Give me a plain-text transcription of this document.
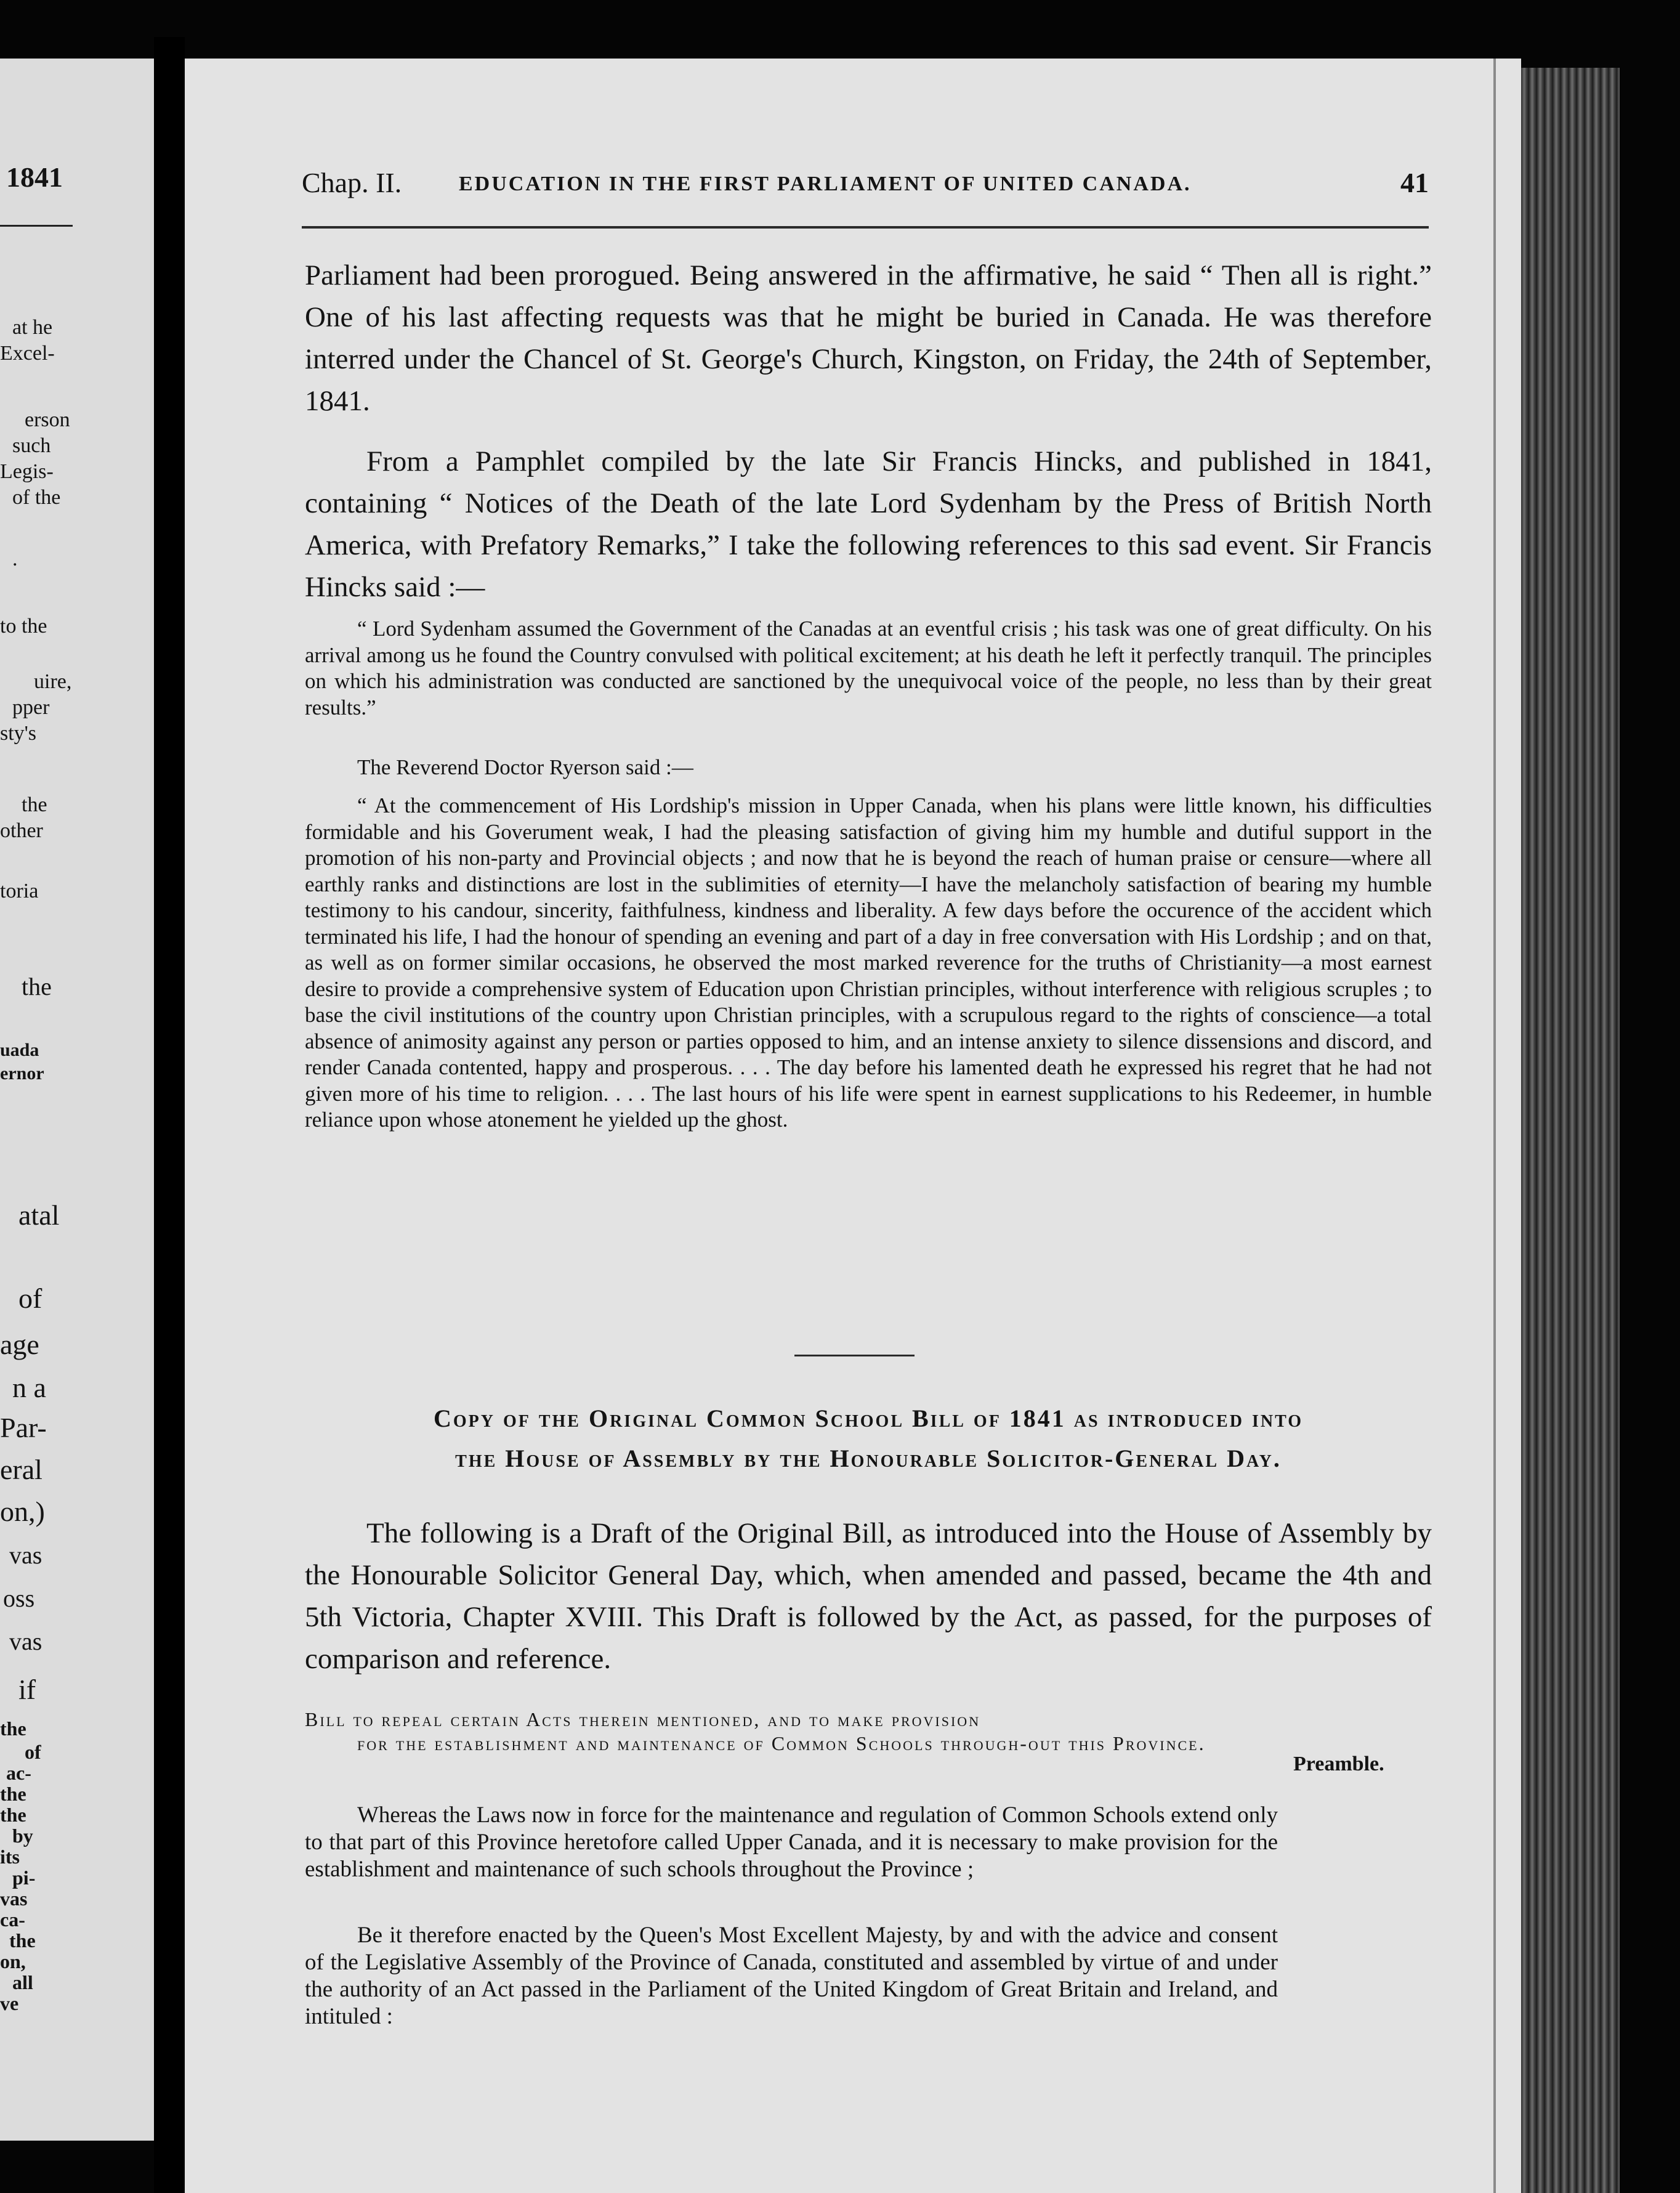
1841
at he
Excel-
erson
such
Legis-
of the
.
to the
uire,
pper
sty's
the
other
toria
the
uada
ernor
atal
of
age
n a
Par-
eral
on,)
vas
oss
vas
if
the
of
ac-
the
the
by
its
pi-
vas
ca-
the
on,
all
ve
Chap. II.	EDUCATION IN THE FIRST PARLIAMENT OF UNITED CANADA.	41

Parliament had been prorogued. Being answered in the affirmative, he said “ Then all is right.” One of his last affecting requests was that he might be buried in Canada. He was therefore interred under the Chancel of St. George's Church, Kingston, on Friday, the 24th of September, 1841.

From a Pamphlet compiled by the late Sir Francis Hincks, and published in 1841, containing “ Notices of the Death of the late Lord Sydenham by the Press of British North America, with Prefatory Remarks,” I take the following references to this sad event. Sir Francis Hincks said :—

“ Lord Sydenham assumed the Government of the Canadas at an eventful crisis ; his task was one of great difficulty. On his arrival among us he found the Country convulsed with political excitement; at his death he left it perfectly tranquil. The principles on which his administration was conducted are sanctioned by the unequivocal voice of the people, no less than by their great results.”

The Reverend Doctor Ryerson said :—

“ At the commencement of His Lordship's mission in Upper Canada, when his plans were little known, his difficulties formidable and his Goverument weak, I had the pleasing satisfaction of giving him my humble and dutiful support in the promotion of his non-party and Provincial objects ; and now that he is beyond the reach of human praise or censure—where all earthly ranks and distinctions are lost in the sublimities of eternity—I have the melancholy satisfaction of bearing my humble testimony to his candour, sincerity, faithfulness, kindness and liberality. A few days before the occurence of the accident which terminated his life, I had the honour of spending an evening and part of a day in free conversation with His Lordship ; and on that, as well as on former similar occasions, he observed the most marked reverence for the truths of Christianity—a most earnest desire to provide a comprehensive system of Education upon Christian principles, without interference with religious scruples ; to base the civil institutions of the country upon Christian principles, with a scrupulous regard to the rights of conscience—a total absence of animosity against any person or parties opposed to him, and an intense anxiety to silence dissensions and discord, and render Canada contented, happy and prosperous. . . . The day before his lamented death he expressed his regret that he had not given more of his time to religion. . . . The last hours of his life were spent in earnest supplications to his Redeemer, in humble reliance upon whose atonement he yielded up the ghost.

Copy of the Original Common School Bill of 1841 as introduced into

the House of Assembly by the Honourable Solicitor-General Day.

The following is a Draft of the Original Bill, as introduced into the House of Assembly by the Honourable Solicitor General Day, which, when amended and passed, became the 4th and 5th Victoria, Chapter XVIII. This Draft is followed by the Act, as passed, for the purposes of comparison and reference.

Bill to repeal certain Acts therein mentioned, and to make provision
for the establishment and maintenance of Common Schools through-out this Province.

Whereas the Laws now in force for the maintenance and regulation of Common Schools extend only to that part of this Province heretofore called Upper Canada, and it is necessary to make provision for the establishment and maintenance of such schools throughout the Province ;

Be it therefore enacted by the Queen's Most Excellent Majesty, by and with the advice and consent of the Legislative Assembly of the Province of Canada, constituted and assembled by virtue of and under the authority of an Act passed in the Parliament of the United Kingdom of Great Britain and Ireland, and intituled :

Preamble.
